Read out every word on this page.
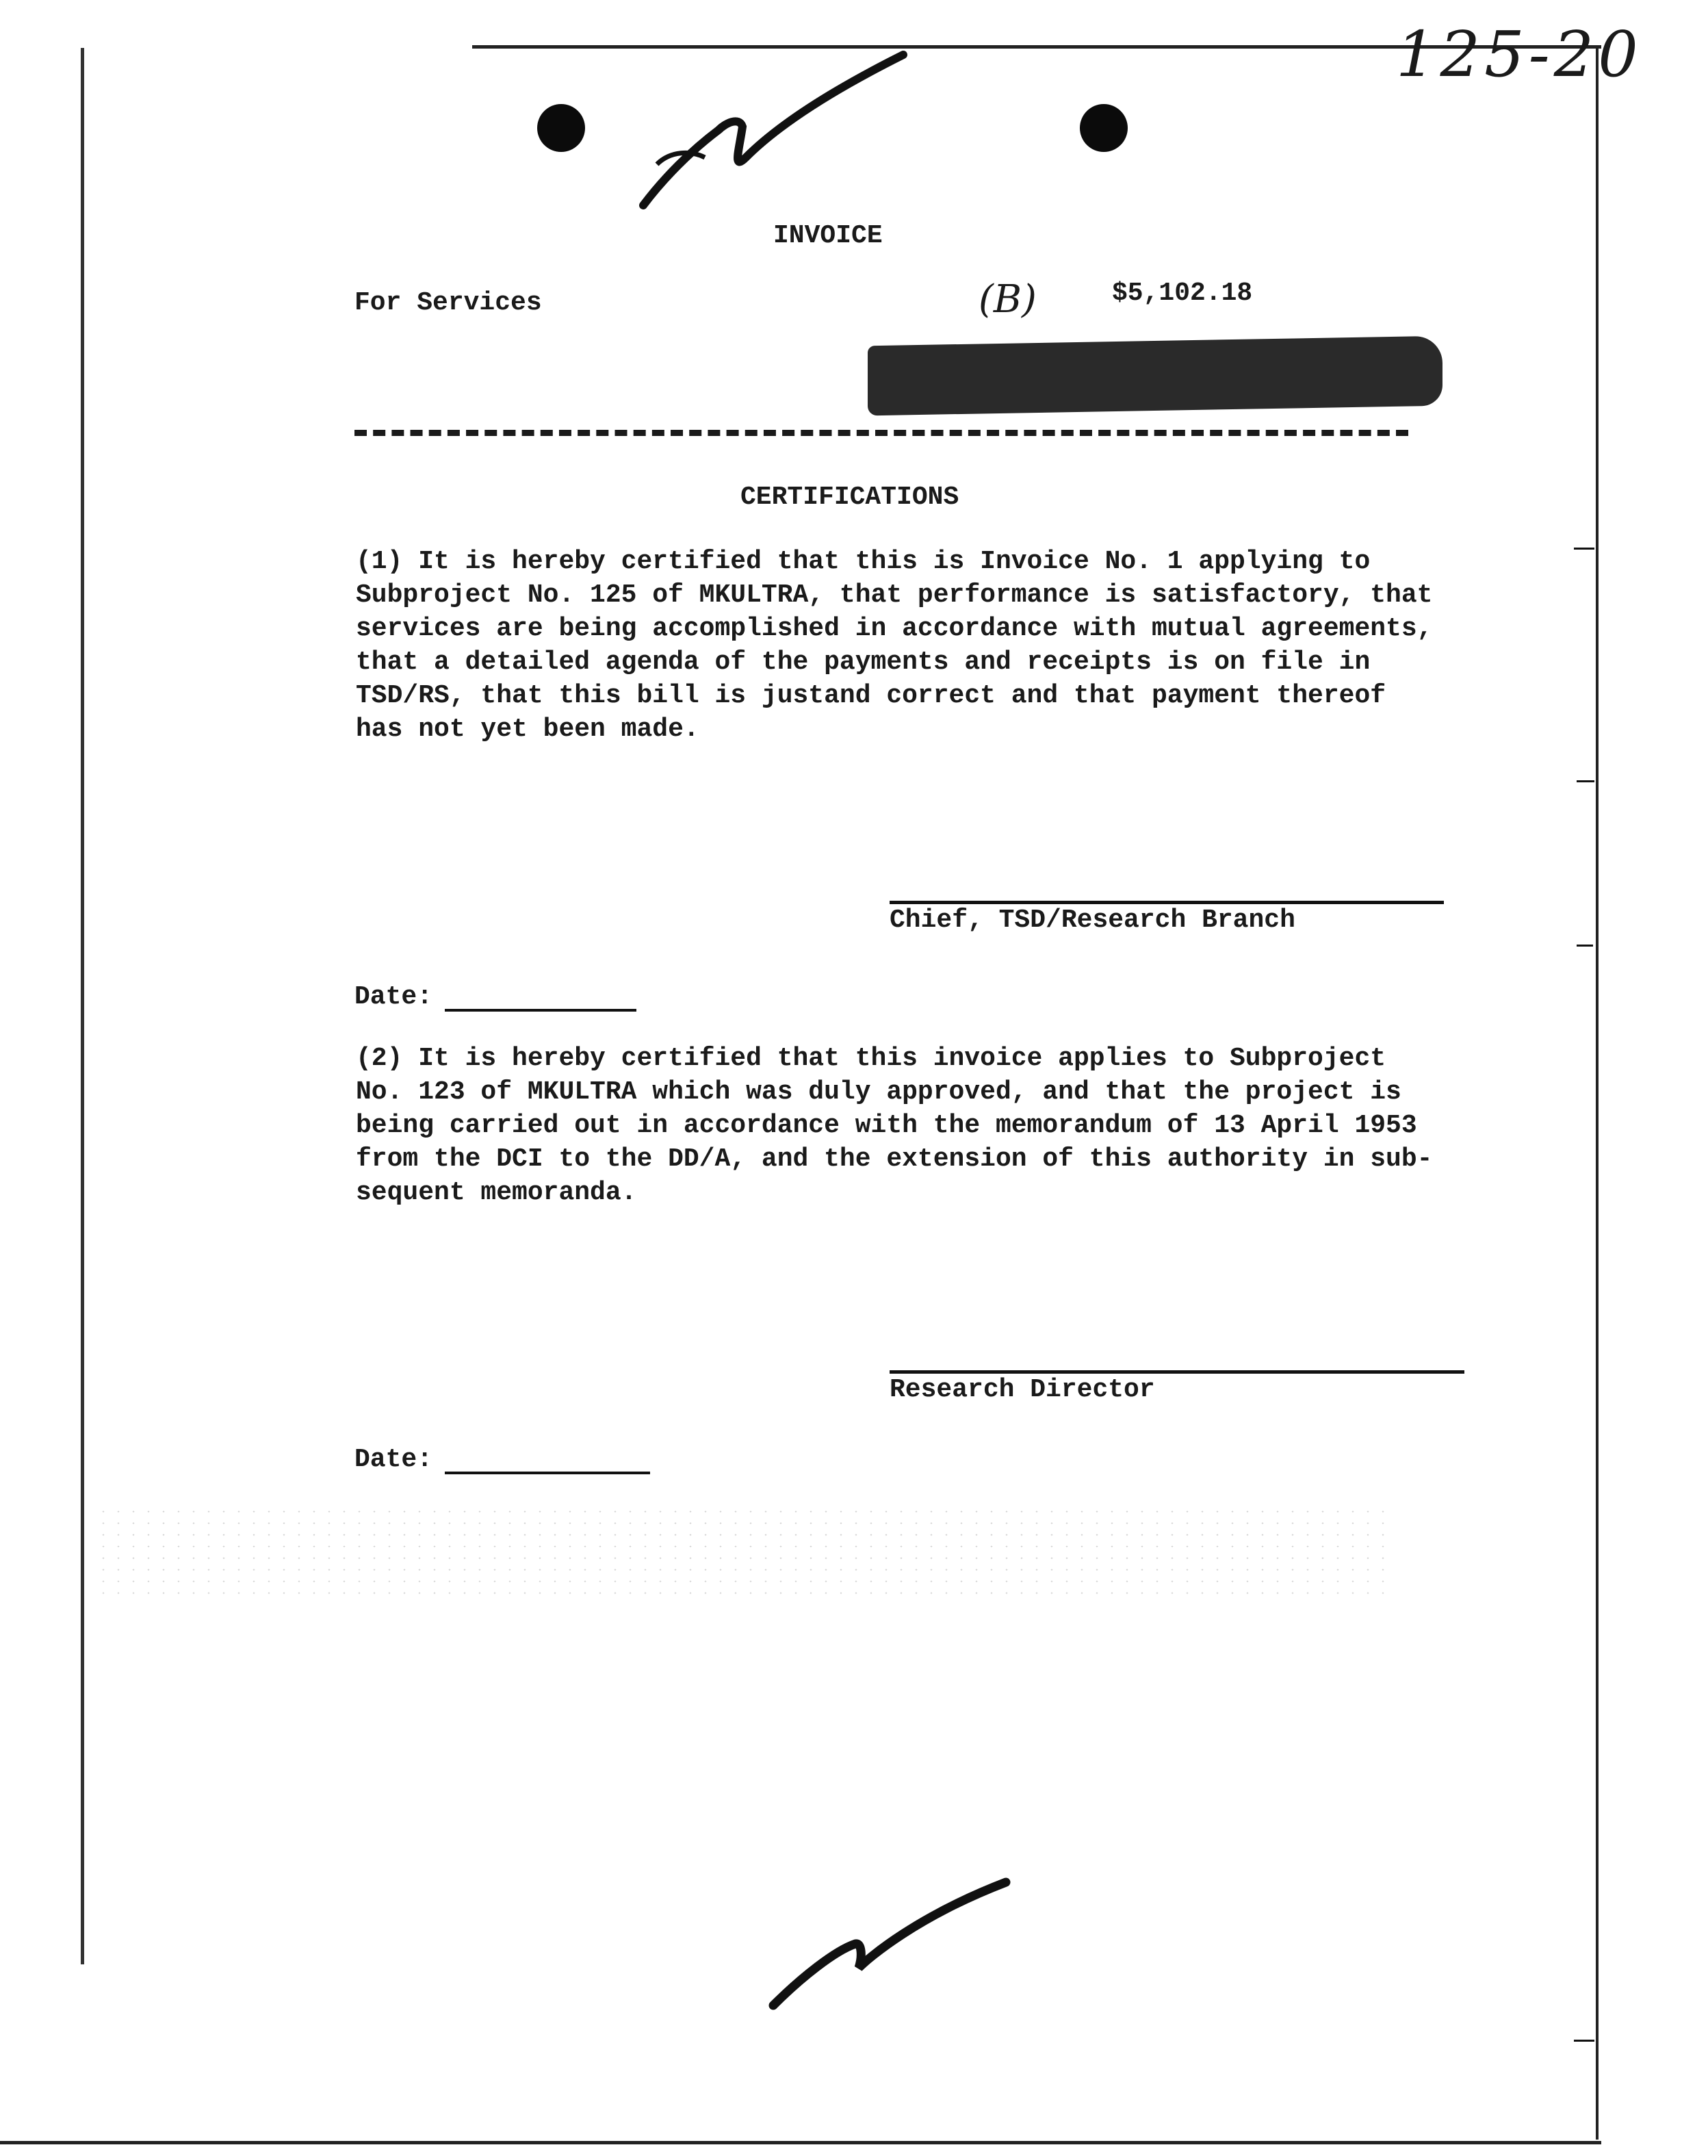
125-20
INVOICE
For Services	(B)	$5,102.18
CERTIFICATIONS
(1) It is hereby certified that this is Invoice No. 1 applying to
Subproject No. 125 of MKULTRA, that performance is satisfactory, that
services are being accomplished in accordance with mutual agreements,
that a detailed agenda of the payments and receipts is on file in
TSD/RS, that this bill is justand correct and that payment thereof
has not yet been made.
Chief, TSD/Research Branch
Date:
(2) It is hereby certified that this invoice applies to Subproject
No. 123 of MKULTRA which was duly approved, and that the project is
being carried out in accordance with the memorandum of 13 April 1953
from the DCI to the DD/A, and the extension of this authority in sub-
sequent memoranda.
Research Director
Date:
